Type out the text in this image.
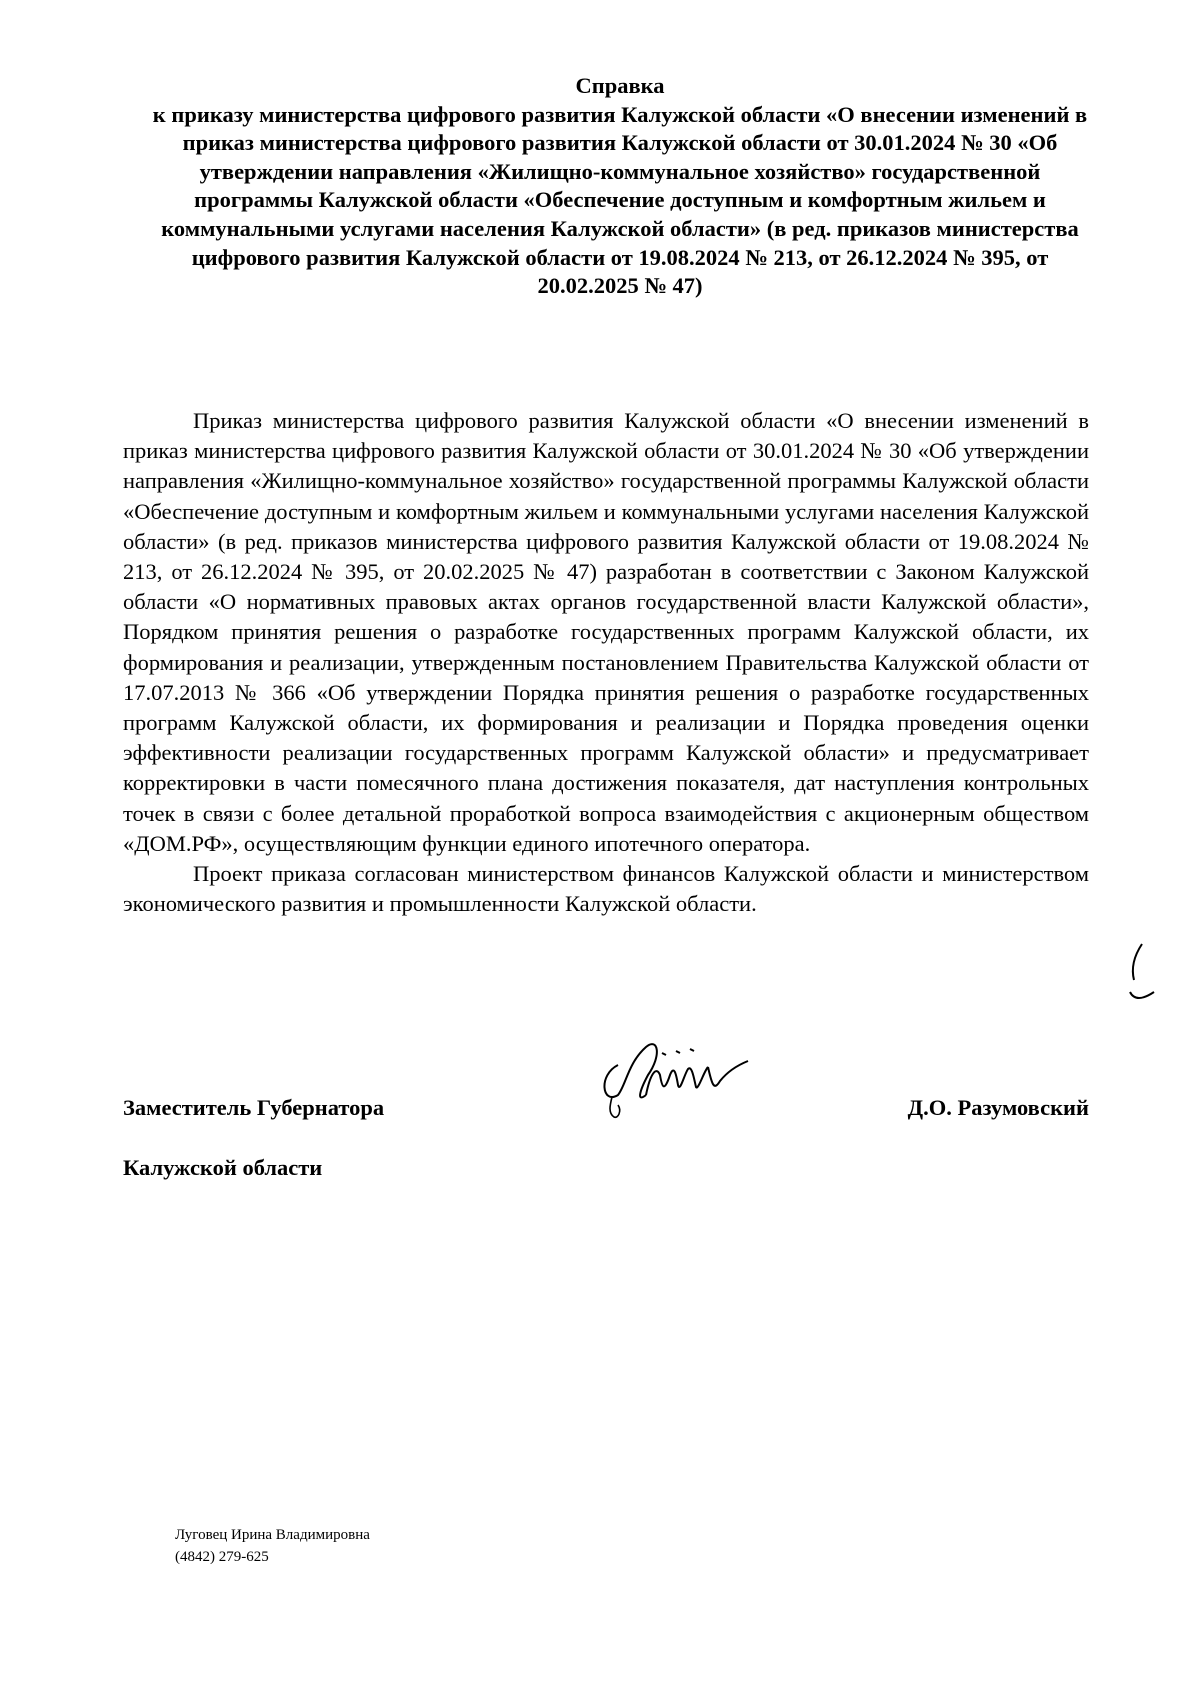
Справка
к приказу министерства цифрового развития Калужской области «О внесении изменений в приказ министерства цифрового развития Калужской области от 30.01.2024 № 30 «Об утверждении направления «Жилищно-коммунальное хозяйство» государственной программы Калужской области «Обеспечение доступным и комфортным жильем и коммунальными услугами населения Калужской области» (в ред. приказов министерства цифрового развития Калужской области от 19.08.2024 № 213, от 26.12.2024 № 395, от 20.02.2025 № 47)

Приказ министерства цифрового развития Калужской области «О внесении изменений в приказ министерства цифрового развития Калужской области от 30.01.2024 № 30 «Об утверждении направления «Жилищно-коммунальное хозяйство» государственной программы Калужской области «Обеспечение доступным и комфортным жильем и коммунальными услугами населения Калужской области» (в ред. приказов министерства цифрового развития Калужской области от 19.08.2024 № 213, от 26.12.2024 № 395, от 20.02.2025 № 47) разработан в соответствии с Законом Калужской области «О нормативных правовых актах органов государственной власти Калужской области», Порядком принятия решения о разработке государственных программ Калужской области, их формирования и реализации, утвержденным постановлением Правительства Калужской области от 17.07.2013 № 366 «Об утверждении Порядка принятия решения о разработке государственных программ Калужской области, их формирования и реализации и Порядка проведения оценки эффективности реализации государственных программ Калужской области» и предусматривает корректировки в части помесячного плана достижения показателя, дат наступления контрольных точек в связи с более детальной проработкой вопроса взаимодействия с акционерным обществом «ДОМ.РФ», осуществляющим функции единого ипотечного оператора.

Проект приказа согласован министерством финансов Калужской области и министерством экономического развития и промышленности Калужской области.

Заместитель Губернатора

Калужской области

Д.О. Разумовский
Луговец Ирина Владимировна
(4842) 279-625
